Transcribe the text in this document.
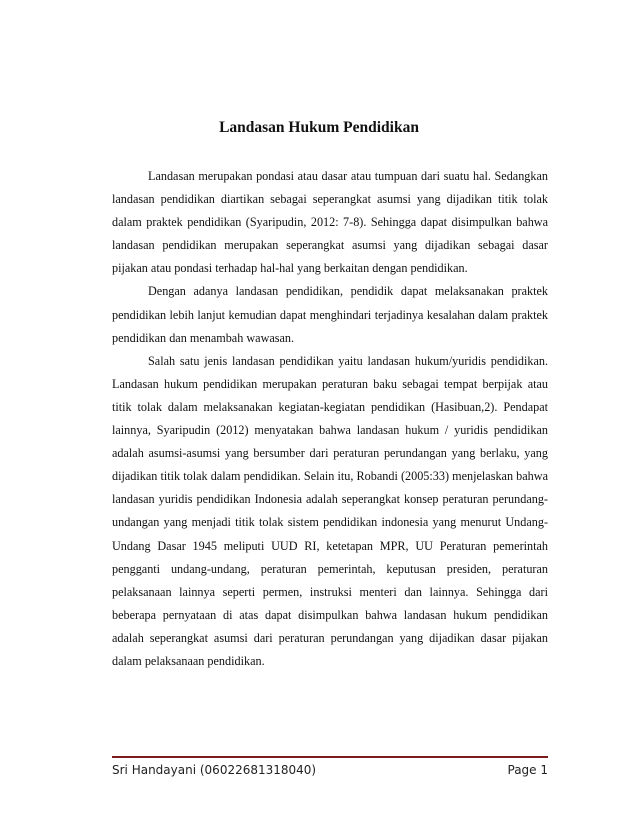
Landasan Hukum Pendidikan

Landasan merupakan pondasi atau dasar atau tumpuan dari suatu hal. Sedangkan landasan pendidikan diartikan sebagai seperangkat asumsi yang dijadikan titik tolak dalam praktek pendidikan (Syaripudin, 2012: 7-8). Sehingga dapat disimpulkan bahwa landasan pendidikan merupakan seperangkat asumsi yang dijadikan sebagai dasar pijakan atau pondasi terhadap hal-hal yang berkaitan dengan pendidikan.

Dengan adanya landasan pendidikan, pendidik dapat melaksanakan praktek pendidikan lebih lanjut kemudian dapat menghindari terjadinya kesalahan dalam praktek pendidikan dan menambah wawasan.

Salah satu jenis landasan pendidikan yaitu landasan hukum/yuridis pendidikan. Landasan hukum pendidikan merupakan peraturan baku sebagai tempat berpijak atau titik tolak dalam melaksanakan kegiatan-kegiatan pendidikan (Hasibuan,2). Pendapat lainnya, Syaripudin (2012) menyatakan bahwa landasan hukum / yuridis pendidikan adalah asumsi-asumsi yang bersumber dari peraturan perundangan yang berlaku, yang dijadikan titik tolak dalam pendidikan. Selain itu, Robandi (2005:33) menjelaskan bahwa landasan yuridis pendidikan Indonesia adalah seperangkat konsep peraturan perundang-undangan yang menjadi titik tolak sistem pendidikan indonesia yang menurut Undang-Undang Dasar 1945 meliputi UUD RI, ketetapan MPR, UU Peraturan pemerintah pengganti undang-undang, peraturan pemerintah, keputusan presiden, peraturan pelaksanaan lainnya seperti permen, instruksi menteri dan lainnya. Sehingga dari beberapa pernyataan di atas dapat disimpulkan bahwa landasan hukum pendidikan adalah seperangkat asumsi dari peraturan perundangan yang dijadikan dasar pijakan dalam pelaksanaan pendidikan.

Sri Handayani (06022681318040)	Page 1
